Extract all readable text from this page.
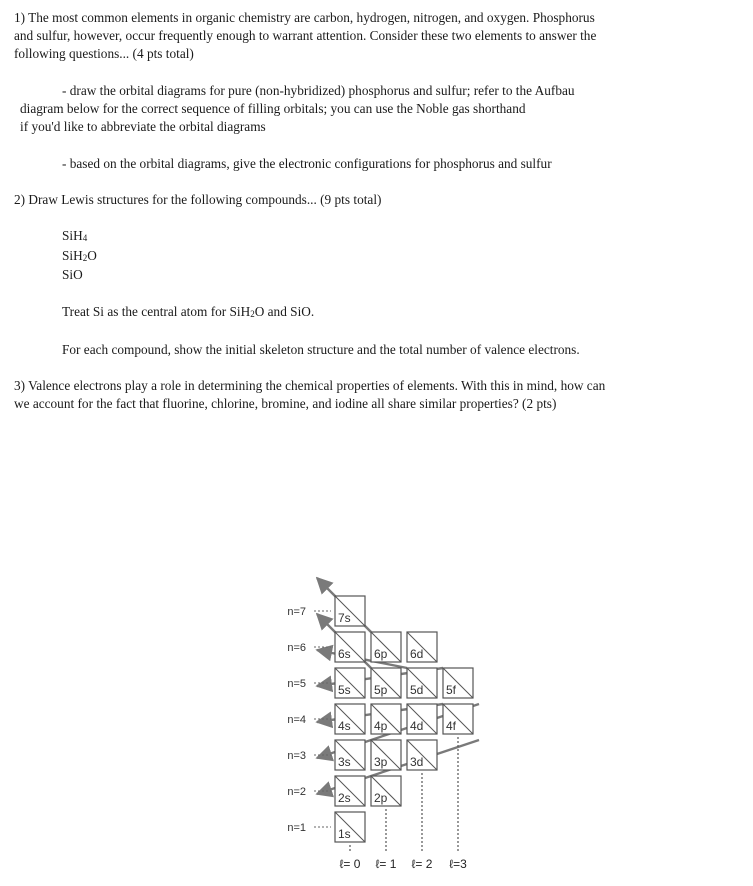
1) The most common elements in organic chemistry are carbon, hydrogen, nitrogen, and oxygen. Phosphorus

and sulfur, however, occur frequently enough to warrant attention. Consider these two elements to answer the

following questions... (4 pts total)

- draw the orbital diagrams for pure (non-hybridized) phosphorus and sulfur; refer to the Aufbau

diagram below for the correct sequence of filling orbitals; you can use the Noble gas shorthand

if you'd like to abbreviate the orbital diagrams

- based on the orbital diagrams, give the electronic configurations for phosphorus and sulfur

2) Draw Lewis structures for the following compounds... (9 pts total)

SiH4

SiH2O

SiO

Treat Si as the central atom for SiH2O and SiO.

For each compound, show the initial skeleton structure and the total number of valence electrons.

3) Valence electrons play a role in determining the chemical properties of elements. With this in mind, how can

we account for the fact that fluorine, chlorine, bromine, and iodine all share similar properties? (2 pts)

7s
6s 6p 6d
5s 5p 5d 5f
4s 4p 4d 4f
3s 3p 3d
2s 2p
1s
n=7
n=6
n=5
n=4
n=3
n=2
n=1
ℓ= 0 ℓ= 1 ℓ= 2 ℓ=3
